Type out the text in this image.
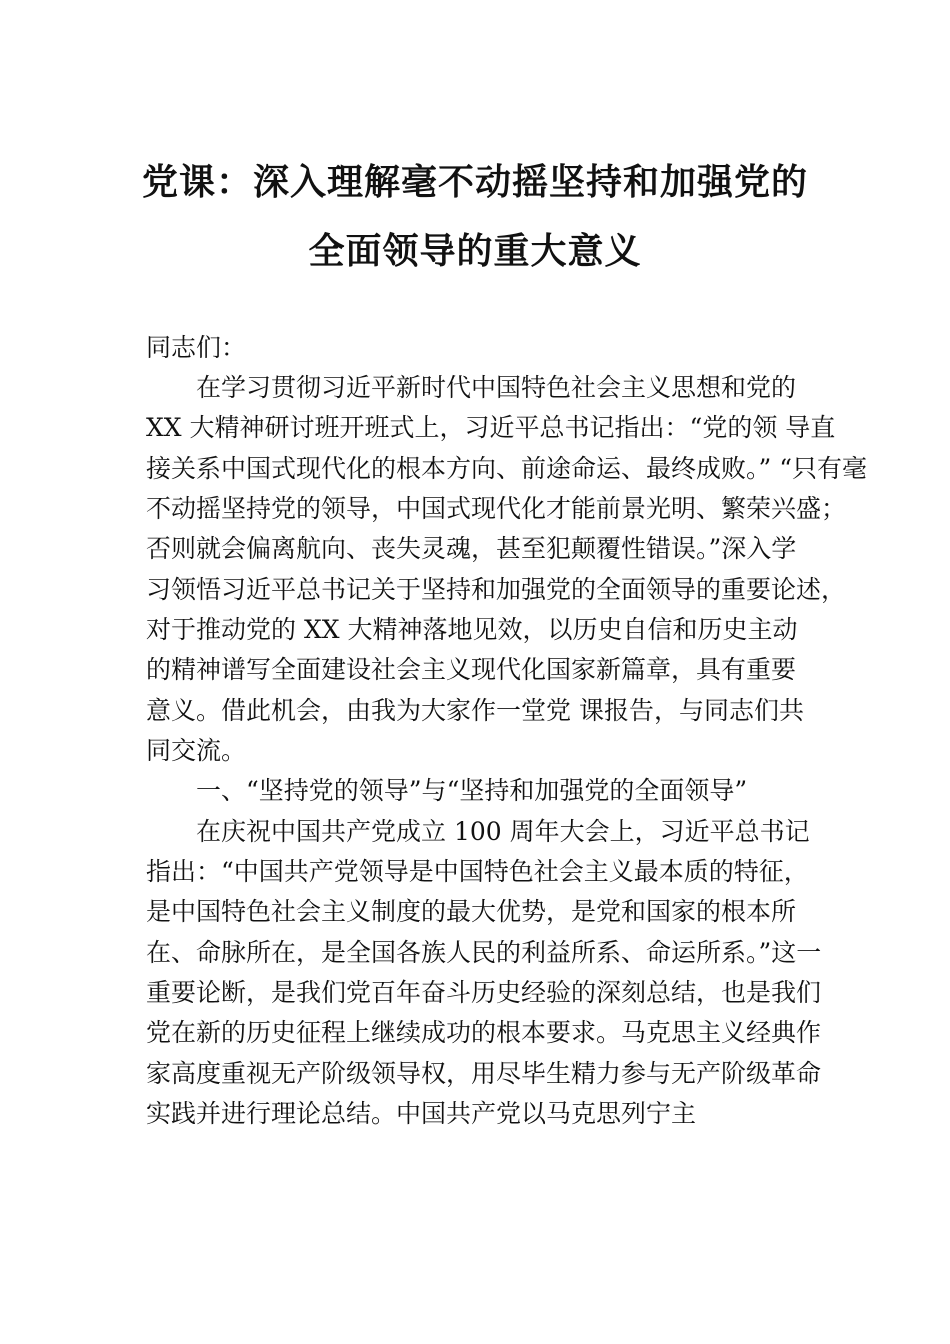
党课：深入理解毫不动摇坚持和加强党的
全面领导的重大意义
同志们：
　　在学习贯彻习近平新时代中国特色社会主义思想和党的
XX 大精神研讨班开班式上，习近平总书记指出：“党的领 导直
接关系中国式现代化的根本方向、前途命运、最终成败。” “只有毫
不动摇坚持党的领导，中国式现代化才能前景光明、繁荣兴盛；
否则就会偏离航向、丧失灵魂，甚至犯颠覆性错误。”深入学
习领悟习近平总书记关于坚持和加强党的全面领导的重要论述，
对于推动党的 XX 大精神落地见效，以历史自信和历史主动
的精神谱写全面建设社会主义现代化国家新篇章，具有重要
意义。借此机会，由我为大家作一堂党 课报告，与同志们共
同交流。
　　一、“坚持党的领导”与“坚持和加强党的全面领导”
　　在庆祝中国共产党成立 100 周年大会上，习近平总书记
指出：“中国共产党领导是中国特色社会主义最本质的特征，
是中国特色社会主义制度的最大优势，是党和国家的根本所
在、命脉所在，是全国各族人民的利益所系、命运所系。”这一
重要论断，是我们党百年奋斗历史经验的深刻总结，也是我们
党在新的历史征程上继续成功的根本要求。马克思主义经典作
家高度重视无产阶级领导权，用尽毕生精力参与无产阶级革命
实践并进行理论总结。中国共产党以马克思列宁主
